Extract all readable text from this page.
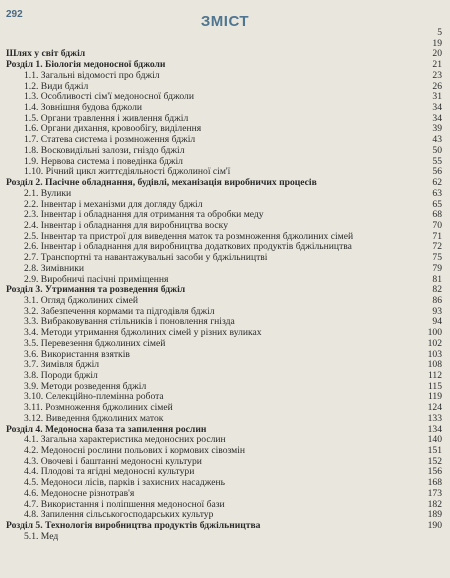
292	ЗМІСТ
5
19
Шлях у світ бджіл	20
Розділ 1. Біологія медоносної бджоли	21
1.1. Загальні відомості про бджіл	23
1.2. Види бджіл	26
1.3. Особливості сім'ї медоносної бджоли	31
1.4. Зовнішня будова бджоли	34
1.5. Органи травлення і живлення бджіл	34
1.6. Органи дихання, кровообігу, виділення	39
1.7. Статева система і розмноження бджіл	43
1.8. Восковидільні залози, гніздо бджіл	50
1.9. Нервова система і поведінка бджіл	55
1.10. Річний цикл життєдіяльності бджолиної сім'ї	56
Розділ 2. Пасічне обладнання, будівлі, механізація виробничих процесів	62
2.1. Вулики	63
2.2. Інвентар і механізми для догляду бджіл	65
2.3. Інвентар і обладнання для отримання та обробки меду	68
2.4. Інвентар і обладнання для виробництва воску	70
2.5. Інвентар та пристрої для виведення маток та розмноження бджолиних сімей	71
2.6. Інвентар і обладнання для виробництва додаткових продуктів бджільництва	72
2.7. Транспортні та навантажувальні засоби у бджільництві	75
2.8. Зимівники	79
2.9. Виробничі пасічні приміщення	81
Розділ 3. Утримання та розведення бджіл	82
3.1. Огляд бджолиних сімей	86
3.2. Забезпечення кормами та підгодівля бджіл	93
3.3. Вибраковування стільників і поновлення гнізда	94
3.4. Методи утримання бджолиних сімей у різних вуликах	100
3.5. Перевезення бджолиних сімей	102
3.6. Використання взятків	103
3.7. Зимівля бджіл	108
3.8. Породи бджіл	112
3.9. Методи розведення бджіл	115
3.10. Селекційно-племінна робота	119
3.11. Розмноження бджолиних сімей	124
3.12. Виведення бджолиних маток	133
Розділ 4. Медоносна база та запилення рослин	134
4.1. Загальна характеристика медоносних рослин	140
4.2. Медоносні рослини польових і кормових сівозмін	151
4.3. Овочеві і баштанні медоносні культури	152
4.4. Плодові та ягідні медоносні культури	156
4.5. Медоноси лісів, парків і захисних насаджень	168
4.6. Медоносне різнотрав'я	173
4.7. Використання і поліпшення медоносної бази	182
4.8. Запилення сільськогосподарських культур	189
Розділ 5. Технологія виробництва продуктів бджільництва	190
5.1. Мед
